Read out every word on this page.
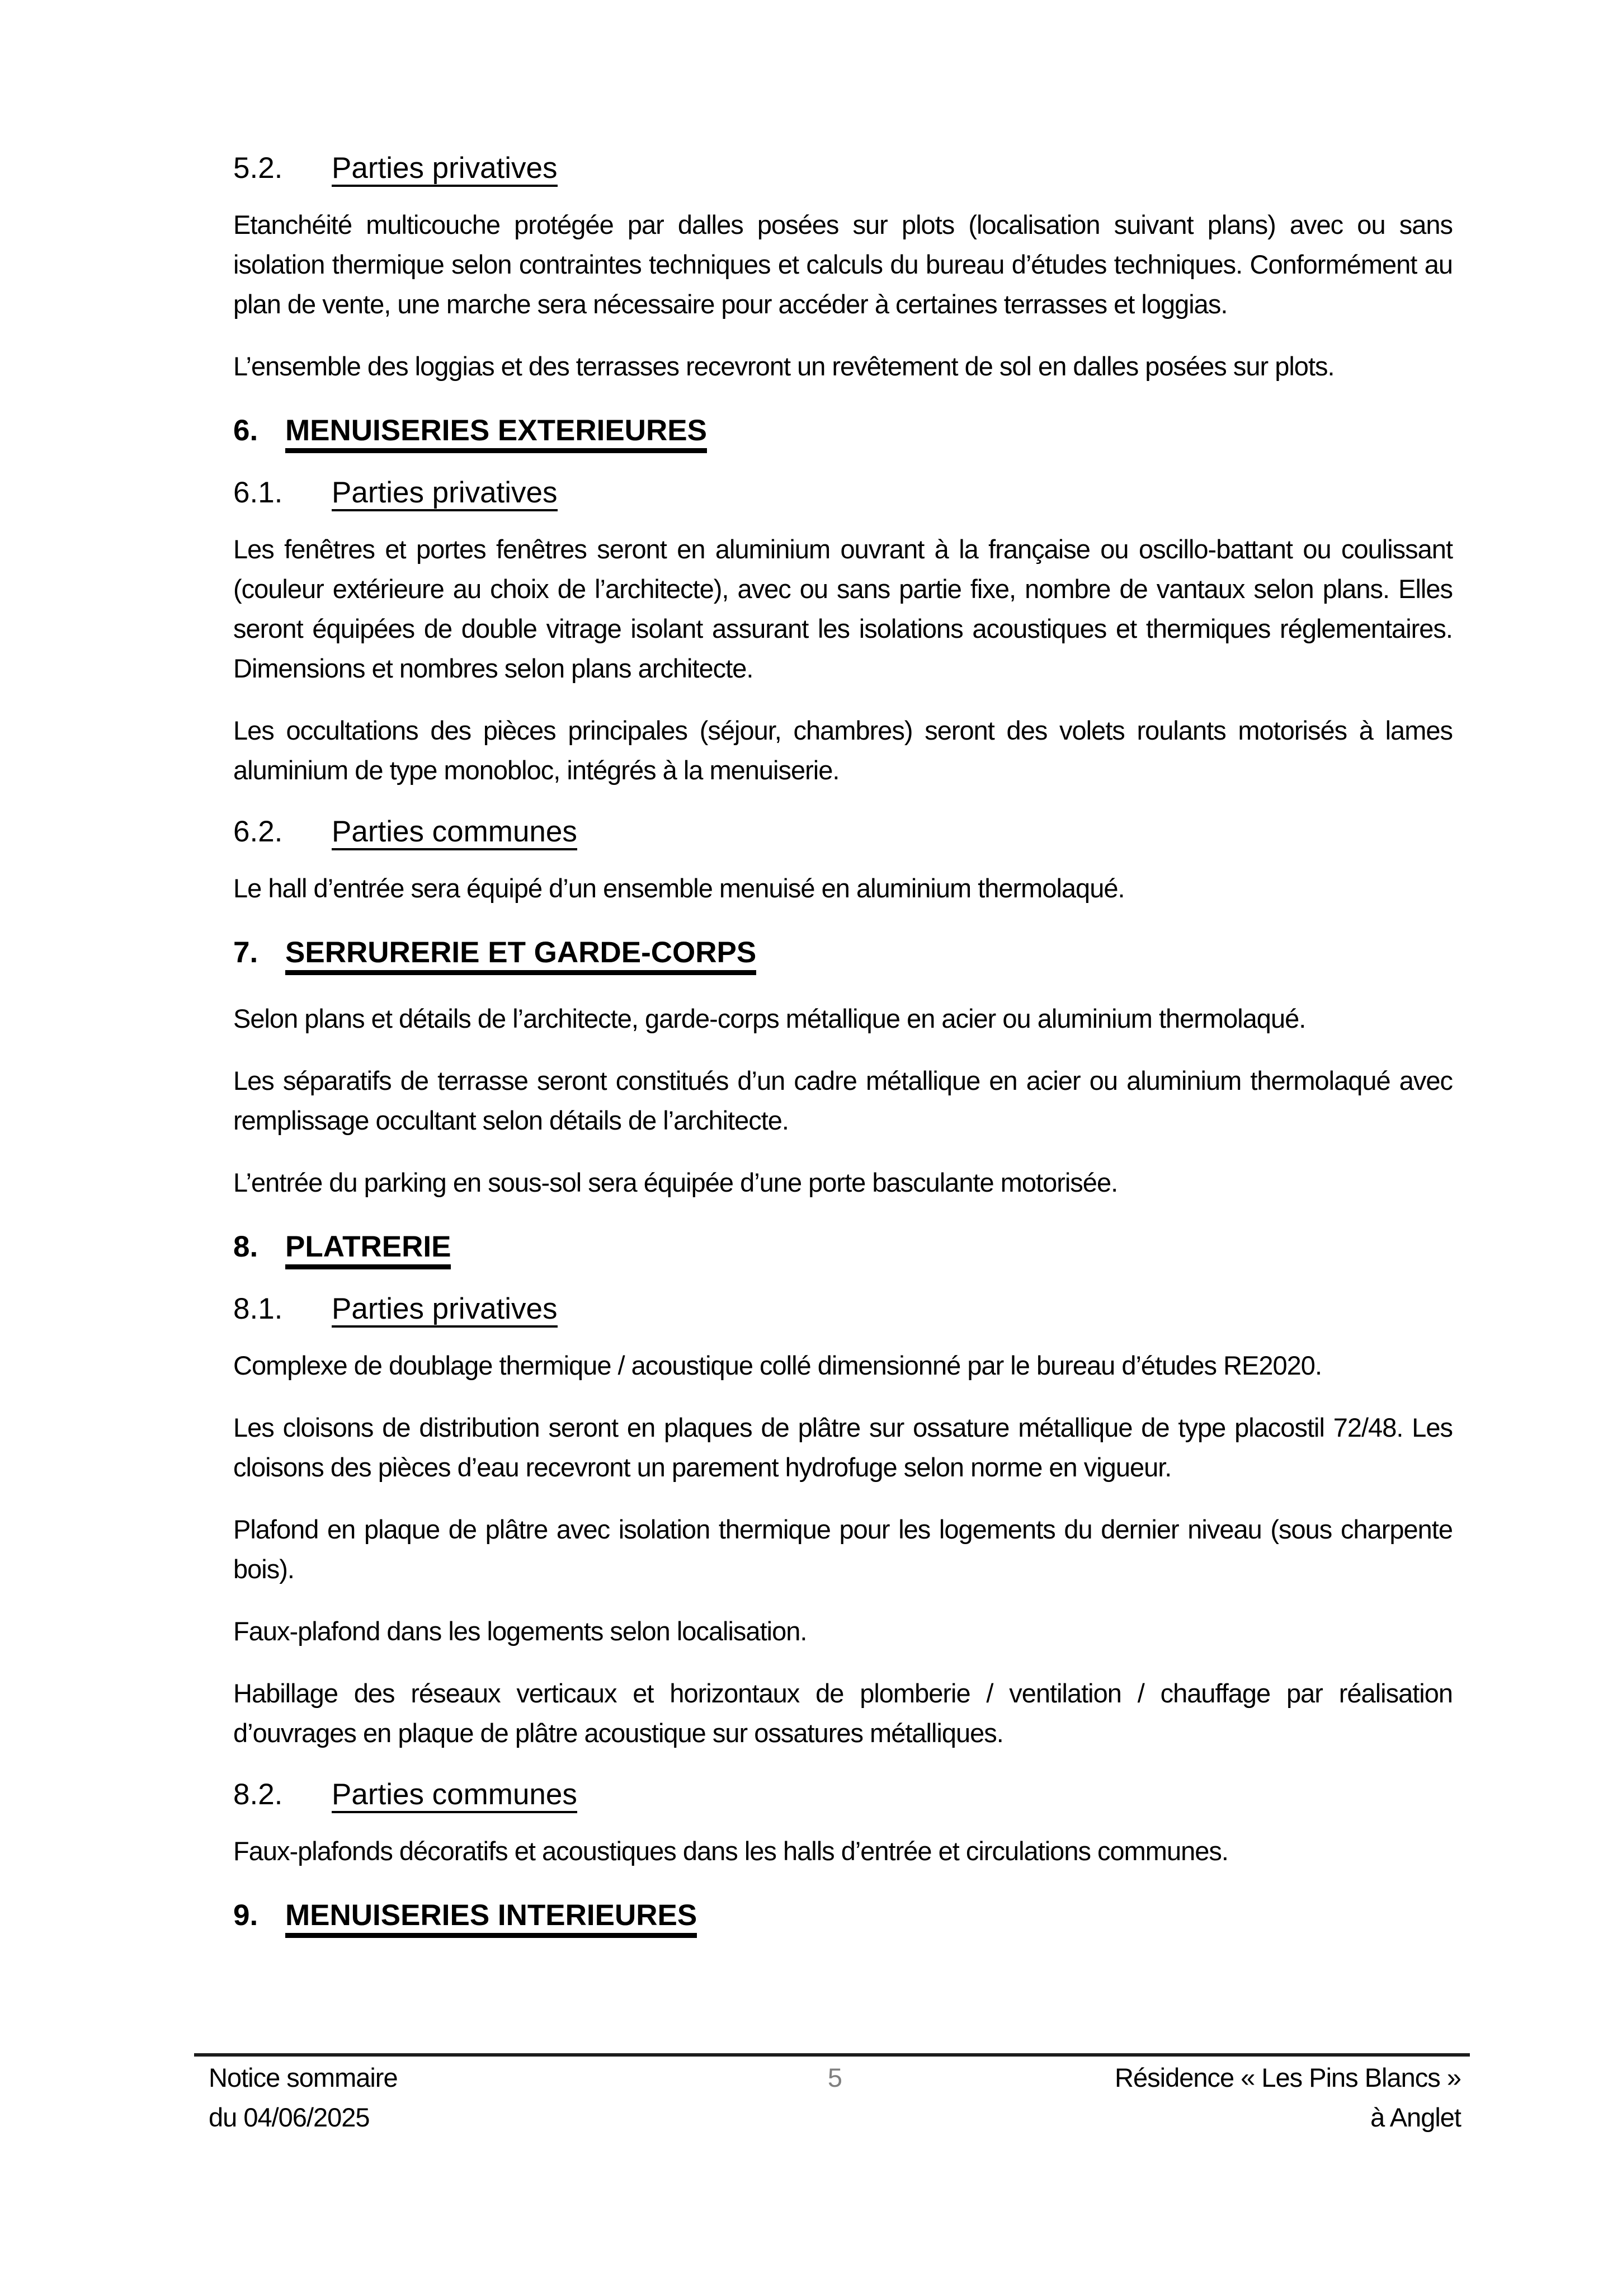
5.2. Parties privatives

Etanchéité multicouche protégée par dalles posées sur plots (localisation suivant plans) avec ou sans isolation thermique selon contraintes techniques et calculs du bureau d’études techniques. Conformément au plan de vente, une marche sera nécessaire pour accéder à certaines terrasses et loggias.

L’ensemble des loggias et des terrasses recevront un revêtement de sol en dalles posées sur plots.

6. MENUISERIES EXTERIEURES
6.1. Parties privatives

Les fenêtres et portes fenêtres seront en aluminium ouvrant à la française ou oscillo-battant ou coulissant (couleur extérieure au choix de l’architecte), avec ou sans partie fixe, nombre de vantaux selon plans. Elles seront équipées de double vitrage isolant assurant les isolations acoustiques et thermiques réglementaires. Dimensions et nombres selon plans architecte.

Les occultations des pièces principales (séjour, chambres) seront des volets roulants motorisés à lames aluminium de type monobloc, intégrés à la menuiserie.

6.2. Parties communes

Le hall d’entrée sera équipé d’un ensemble menuisé en aluminium thermolaqué.

7. SERRURERIE ET GARDE-CORPS

Selon plans et détails de l’architecte, garde-corps métallique en acier ou aluminium thermolaqué.

Les séparatifs de terrasse seront constitués d’un cadre métallique en acier ou aluminium thermolaqué avec remplissage occultant selon détails de l’architecte.

L’entrée du parking en sous-sol sera équipée d’une porte basculante motorisée.

8. PLATRERIE
8.1. Parties privatives

Complexe de doublage thermique / acoustique collé dimensionné par le bureau d’études RE2020.

Les cloisons de distribution seront en plaques de plâtre sur ossature métallique de type placostil 72/48. Les cloisons des pièces d’eau recevront un parement hydrofuge selon norme en vigueur.

Plafond en plaque de plâtre avec isolation thermique pour les logements du dernier niveau (sous charpente bois).

Faux-plafond dans les logements selon localisation.

Habillage des réseaux verticaux et horizontaux de plomberie / ventilation / chauffage par réalisation d’ouvrages en plaque de plâtre acoustique sur ossatures métalliques.

8.2. Parties communes

Faux-plafonds décoratifs et acoustiques dans les halls d’entrée et circulations communes.

9. MENUISERIES INTERIEURES
Notice sommaire
du 04/06/2025
5	Résidence « Les Pins Blancs »
à Anglet
